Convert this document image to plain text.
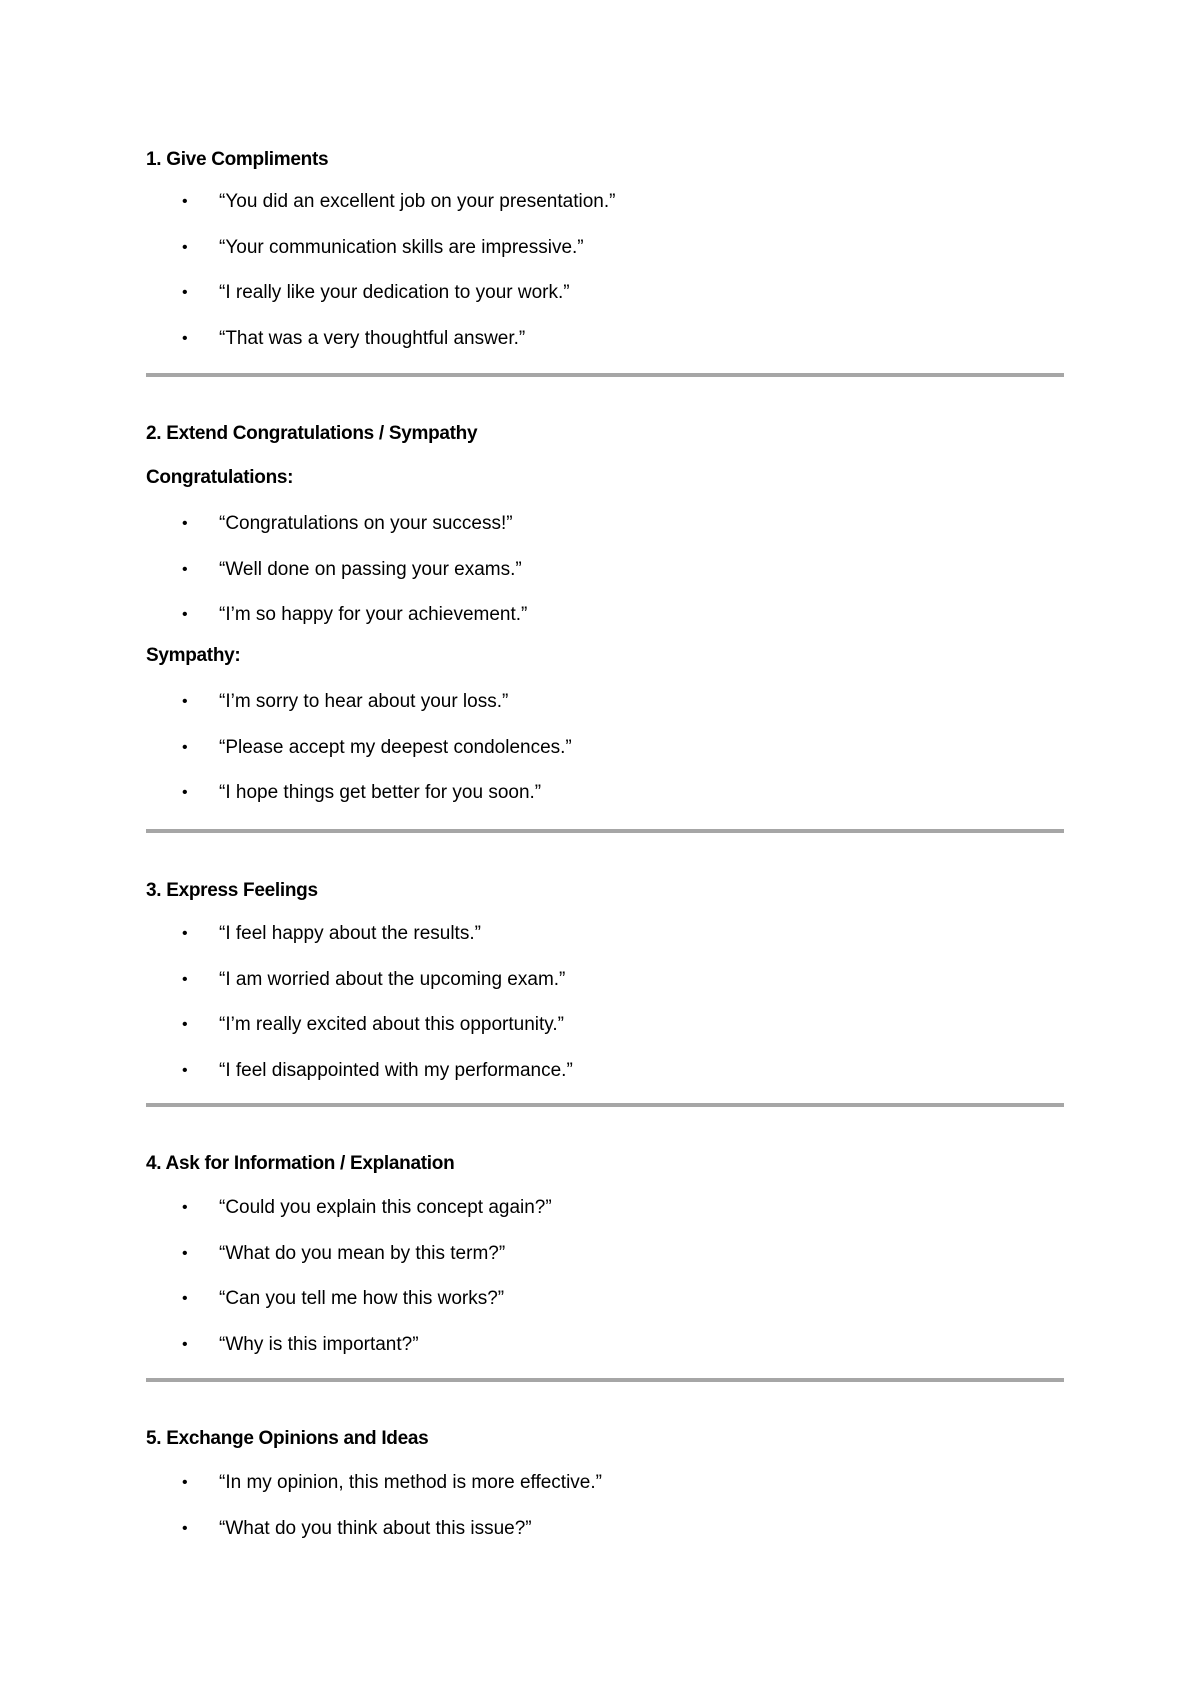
1. Give Compliments
• “You did an excellent job on your presentation.”
• “Your communication skills are impressive.”
• “I really like your dedication to your work.”
• “That was a very thoughtful answer.”
2. Extend Congratulations / Sympathy
Congratulations:
• “Congratulations on your success!”
• “Well done on passing your exams.”
• “I’m so happy for your achievement.”
Sympathy:
• “I’m sorry to hear about your loss.”
• “Please accept my deepest condolences.”
• “I hope things get better for you soon.”
3. Express Feelings
• “I feel happy about the results.”
• “I am worried about the upcoming exam.”
• “I’m really excited about this opportunity.”
• “I feel disappointed with my performance.”
4. Ask for Information / Explanation
• “Could you explain this concept again?”
• “What do you mean by this term?”
• “Can you tell me how this works?”
• “Why is this important?”
5. Exchange Opinions and Ideas
• “In my opinion, this method is more effective.”
• “What do you think about this issue?”
